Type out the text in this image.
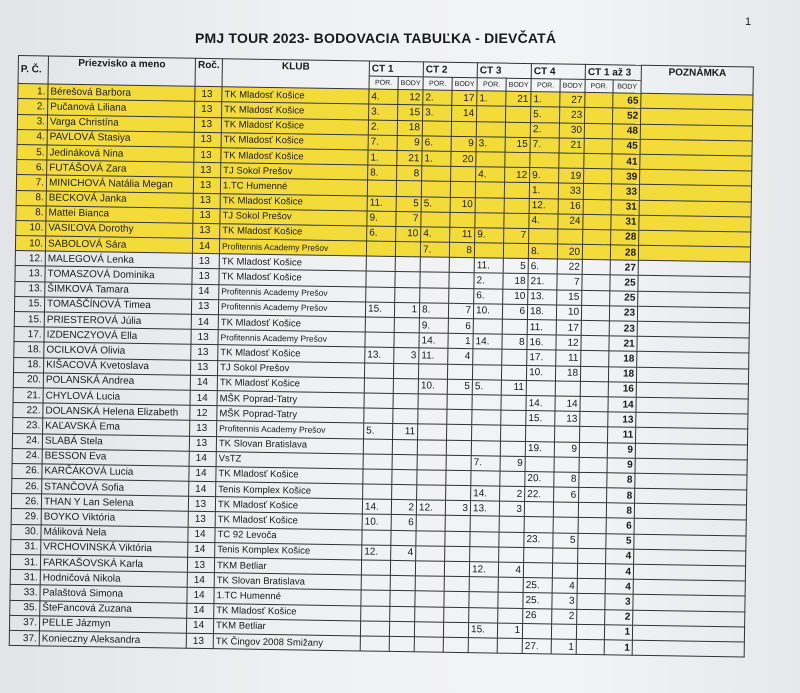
1
PMJ TOUR 2023- BODOVACIA TABUĽKA - DIEVČATÁ
P. Č.	Priezvisko a meno	Roč.	KLUB	CT 1		CT 2		CT 3		CT 4		CT 1 až 3		POZNÁMKA
				POR.	BODY	POR.	BODY	POR.	BODY	POR.	BODY	POR.	BODY	
1.	Bérešová Barbora	13	TK Mladosť Košice	4.	12	2.	17	1.	21	1.	27		65	
2.	Pučanová Liliana	13	TK Mladosť Košice	3.	15	3.	14			5.	23		52	
3.	Varga Christína	13	TK Mladosť Košice	2.	18					2.	30		48	
4.	PAVLOVÁ Stasiya	13	TK Mladosť Košice	7.	9	6.	9	3.	15	7.	21		45	
5.	Jedináková Nina	13	TK Mladosť Košice	1.	21	1.	20						41	
6.	FUTÁŠOVÁ Zara	13	TJ Sokol Prešov	8.	8			4.	12	9.	19		39	
7.	MINICHOVÁ Natália Megan	13	1.TC Humenné							1.	33		33	
8.	BECKOVÁ Janka	13	TK Mladosť Košice	11.	5	5.	10			12.	16		31	
8.	Mattei Bianca	13	TJ Sokol Prešov	9.	7					4.	24		31	
10.	VASIĽOVA Dorothy	13	TK Mladosť Košice	6.	10	4.	11	9.	7				28	
10.	SABOLOVÁ Sára	14	Profitennis Academy Prešov			7.	8			8.	20		28	
12.	MALEGOVÁ Lenka	13	TK Mladosť Košice					11.	5	6.	22		27	
13.	TOMASZOVÁ Dominika	13	TK Mladosť Košice					2.	18	21.	7		25	
13.	ŠIMKOVÁ Tamara	14	Profitennis Academy Prešov					6.	10	13.	15		25	
15.	TOMAŠČÍNOVÁ Timea	13	Profitennis Academy Prešov	15.	1	8.	7	10.	6	18.	10		23	
15.	PRIESTEROVÁ Júlia	14	TK Mladosť Košice			9.	6			11.	17		23	
17.	IZDENCZYOVÁ Ella	13	Profitennis Academy Prešov			14.	1	14.	8	16.	12		21	
18.	OCILKOVÁ Olivia	13	TK Mladosť Košice	13.	3	11.	4			17.	11		18	
18.	KIŠACOVÁ Kvetoslava	13	TJ Sokol Prešov							10.	18		18	
20.	POLANSKÁ Andrea	14	TK Mladosť Košice			10.	5	5.	11				16	
21.	CHYLOVÁ Lucia	14	MŠK Poprad-Tatry							14.	14		14	
22.	DOLANSKÁ Helena Elizabeth	12	MŠK Poprad-Tatry							15.	13		13	
23.	KAĽAVSKÁ Ema	13	Profitennis Academy Prešov	5.	11								11	
24.	SLABÁ Stela	13	TK Slovan Bratislava							19.	9		9	
24.	BESSON Eva	14	VsTZ					7.	9				9	
26.	KARČÁKOVÁ Lucia	14	TK Mladosť Košice							20.	8		8	
26.	STANČOVÁ Sofia	14	Tenis Komplex Košice					14.	2	22.	6		8	
26.	THAN Y Lan Selena	13	TK Mladosť Košice	14.	2	12.	3	13.	3				8	
29.	BOYKO Viktória	13	TK Mladosť Košice	10.	6								6	
30.	Máliková Nela	14	TC 92 Levoča							23.	5		5	
31.	VRCHOVINSKÁ Viktória	14	Tenis Komplex Košice	12.	4								4	
31.	FARKAŠOVSKÁ Karla	13	TKM Betliar					12.	4				4	
31.	Hodničová Nikola	14	TK Slovan Bratislava							25.	4		4	
33.	Palaštová Simona	14	1.TC Humenné							25.	3		3	
35.	ŠteFancová Zuzana	14	TK Mladosť Košice							26	2		2	
37.	PELLE Jázmyn	14	TKM Betliar					15.	1				1	
37.	Konieczny Aleksandra	13	TK Čingov 2008 Smižany							27.	1		1	
